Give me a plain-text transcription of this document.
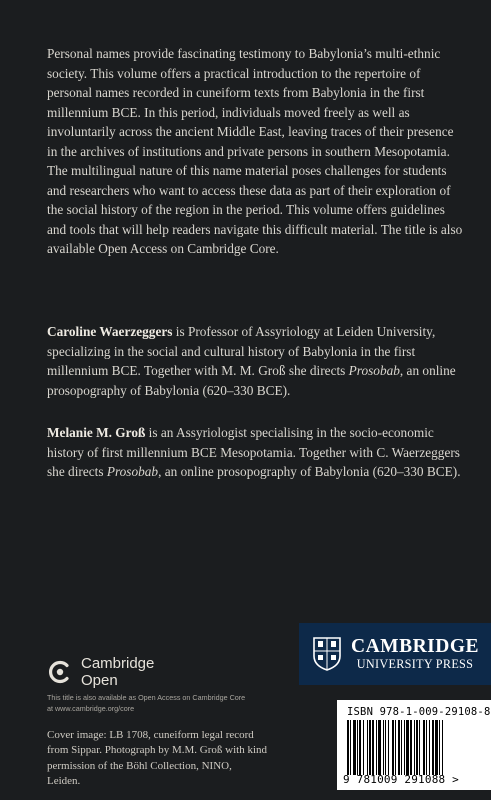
Personal names provide fascinating testimony to Babylonia’s multi-ethnic society. This volume offers a practical introduction to the repertoire of personal names recorded in cuneiform texts from Babylonia in the first millennium BCE. In this period, individuals moved freely as well as involuntarily across the ancient Middle East, leaving traces of their presence in the archives of institutions and private persons in southern Mesopotamia. The multilingual nature of this name material poses challenges for students and researchers who want to access these data as part of their exploration of the social history of the region in the period. This volume offers guidelines and tools that will help readers navigate this difficult material. The title is also available Open Access on Cambridge Core.

Caroline Waerzeggers is Professor of Assyriology at Leiden University, specializing in the social and cultural history of Babylonia in the first millennium BCE. Together with M. M. Groß she directs Prosobab, an online prosopography of Babylonia (620–330 BCE).

Melanie M. Groß is an Assyriologist specialising in the socio-economic history of first millennium BCE Mesopotamia. Together with C. Waerzeggers she directs Prosobab, an online prosopography of Babylonia (620–330 BCE).

Cambridge
Open
This title is also available as Open Access on Cambridge Core at www.cambridge.org/core
Cover image: LB 1708, cuneiform legal record from Sippar. Photograph by M.M. Groß with kind permission of the Böhl Collection, NINO, Leiden.
CAMBRIDGE
UNIVERSITY PRESS
ISBN 978-1-009-29108-8
9 781009 291088 >
